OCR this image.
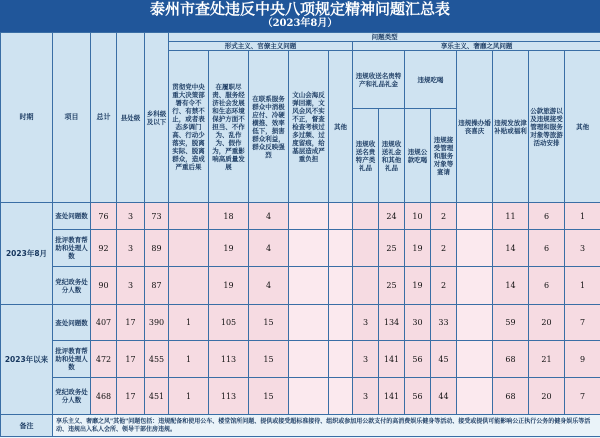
泰州市查处违反中央八项规定精神问题汇总表
（2023年8月）
时期	项目	总计	县处级	乡科级及以下	问题类型												
					形式主义、官僚主义问题					享乐主义、奢靡之风问题							

					贯彻党中央重大决策部署有令不行、有禁不止，或者表态多调门高、行动少落实，脱离实际、脱离群众，造成严重后果	在履职尽责、服务经济社会发展和生态环境保护方面不担当、不作为、乱作为、假作为，严重影响高质量发展	在联系服务群众中消极应付、冷硬横推、效率低下，损害群众利益，群众反映强烈	文山会海反弹回潮，文风会风不实不正，督查检查考核过多过频、过度留痕，给基层造成严重负担	其他	违规收送名贵特产和礼品礼金		违规吃喝		违规操办婚丧喜庆	违规发放津补贴或福利	公款旅游以及违规接受管理和服务对象等旅游活动安排	其他

										违规收送名贵特产类礼品	违规收送礼金和其他礼品	违规公款吃喝	违规接受管理和服务对象等宴请				

2023年8月	查处问题数	76	3	73		18	4				24	10	2		11	6	1

	批评教育帮助和处理人数	92	3	89		19	4				25	19	2		14	6	3

	党纪政务处分人数	90	3	87		19	4				25	19	2		14	6	1
2023年以来	查处问题数	407	17	390	1	105	15			3	134	30	33		59	20	7

	批评教育帮助和处理人数	472	17	455	1	113	15			3	141	56	45		68	21	9

	党纪政务处分人数	468	17	451	1	113	15			3	141	56	44		68	20	7
备注	享乐主义、奢靡之风"其他"问题包括：违规配备和使用公车、楼堂馆所问题、提供或接受超标准接待、组织或参加用公款支付的高消费娱乐健身等活动、接受或提供可能影响公正执行公务的健身娱乐等活动、违规出入私人会所、领导干部住房违规。																
